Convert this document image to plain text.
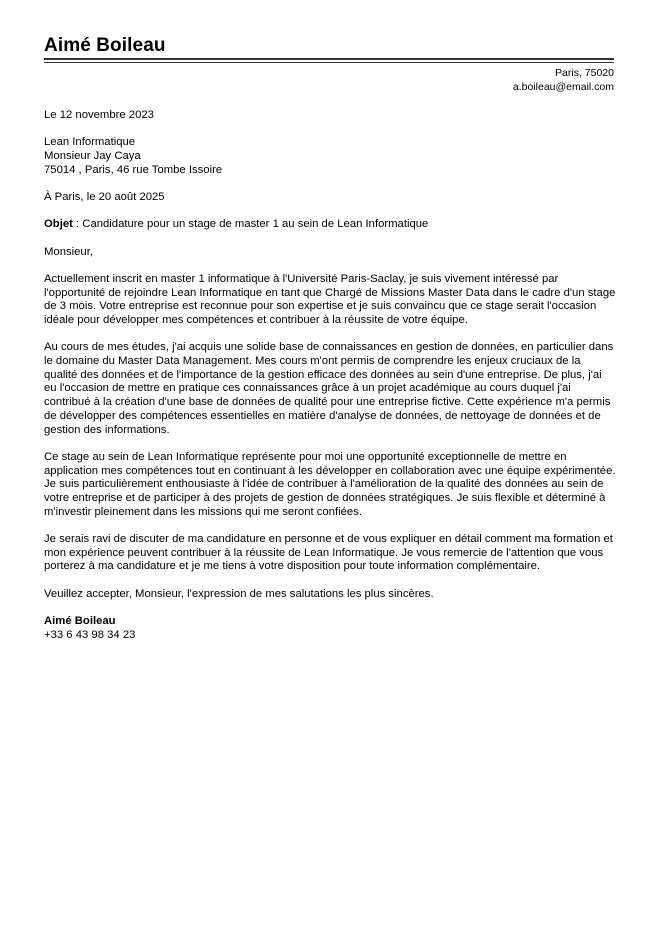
Aimé Boileau
Paris, 75020
a.boileau@email.com

Le 12 novembre 2023

Lean Informatique

Monsieur Jay Caya

75014 , Paris, 46 rue Tombe Issoire

À Paris, le 20 août 2025

Objet : Candidature pour un stage de master 1 au sein de Lean Informatique

Monsieur,

Actuellement inscrit en master 1 informatique à l'Université Paris-Saclay, je suis vivement intéressé par l'opportunité de rejoindre Lean Informatique en tant que Chargé de Missions Master Data dans le cadre d'un stage de 3 mois. Votre entreprise est reconnue pour son expertise et je suis convaincu que ce stage serait l'occasion idéale pour développer mes compétences et contribuer à la réussite de votre équipe.

Au cours de mes études, j'ai acquis une solide base de connaissances en gestion de données, en particulier dans le domaine du Master Data Management. Mes cours m'ont permis de comprendre les enjeux cruciaux de la qualité des données et de l'importance de la gestion efficace des données au sein d'une entreprise. De plus, j'ai eu l'occasion de mettre en pratique ces connaissances grâce à un projet académique au cours duquel j'ai contribué à la création d'une base de données de qualité pour une entreprise fictive. Cette expérience m'a permis de développer des compétences essentielles en matière d'analyse de données, de nettoyage de données et de gestion des informations.

Ce stage au sein de Lean Informatique représente pour moi une opportunité exceptionnelle de mettre en application mes compétences tout en continuant à les développer en collaboration avec une équipe expérimentée. Je suis particulièrement enthousiaste à l'idée de contribuer à l'amélioration de la qualité des données au sein de votre entreprise et de participer à des projets de gestion de données stratégiques. Je suis flexible et déterminé à m'investir pleinement dans les missions qui me seront confiées.

Je serais ravi de discuter de ma candidature en personne et de vous expliquer en détail comment ma formation et mon expérience peuvent contribuer à la réussite de Lean Informatique. Je vous remercie de l'attention que vous porterez à ma candidature et je me tiens à votre disposition pour toute information complémentaire.

Veuillez accepter, Monsieur, l'expression de mes salutations les plus sincères.

Aimé Boileau

+33 6 43 98 34 23
